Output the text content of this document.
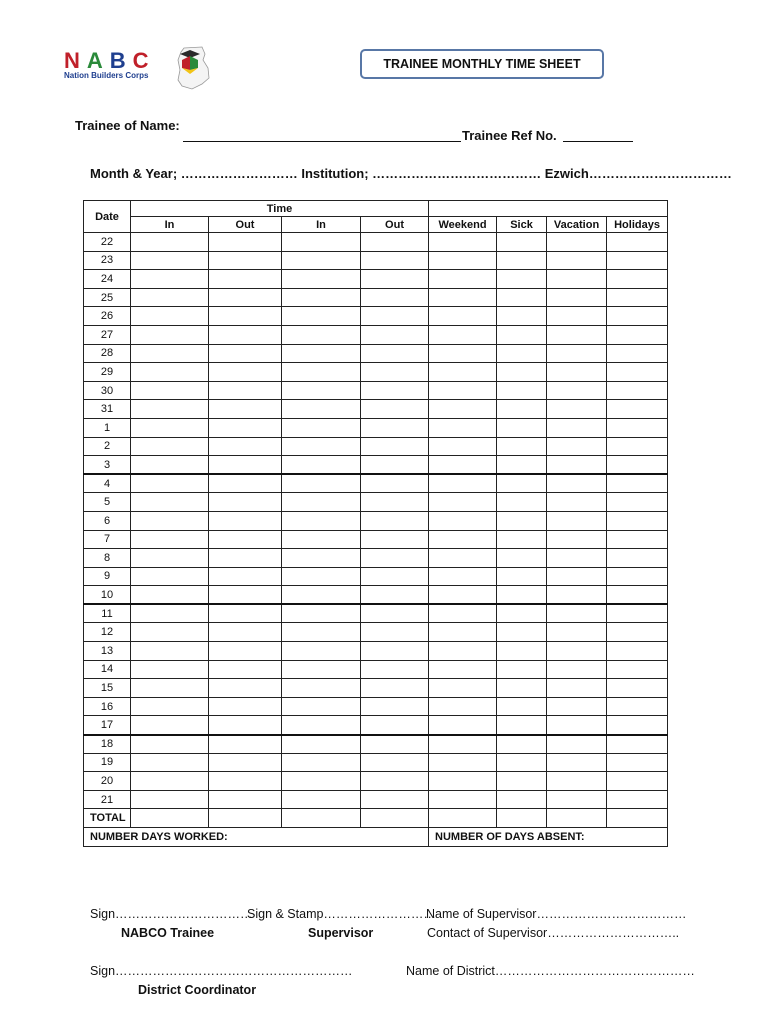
NABC
Nation Builders Corps
TRAINEE MONTHLY TIME SHEET
Trainee of Name:
Trainee Ref No.
Month & Year; ……………………… Institution; ………………………………… Ezwich……………………………
Date	Time							
	In	Out	In	Out	Weekend	Sick	Vacation	Holidays
22								
23								
24								
25								
26								
27								
28								
29								
30								
31								
1								
2								
3								
4								
5								
6								
7								
8								
9								
10								
11								
12								
13								
14								
15								
16								
17								
18								
19								
20								
21								
TOTAL								
NUMBER DAYS WORKED:					NUMBER OF DAYS ABSENT:			
Sign……………………………
Sign & Stamp………………………
Name of Supervisor………………………………
NABCO Trainee	Supervisor	Contact of Supervisor…………………………..
Sign…………………………………………………	Name of District…………………………………………
District Coordinator
